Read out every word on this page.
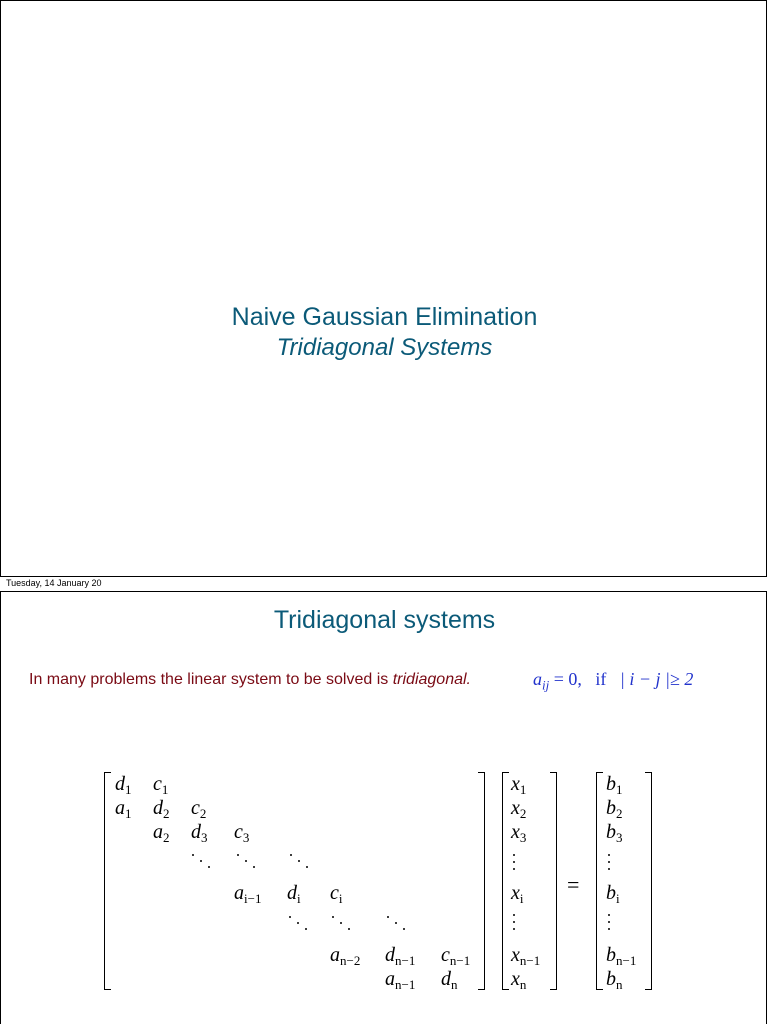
Naive Gaussian Elimination
Tridiagonal Systems
Tuesday, 14 January 20
Tridiagonal systems
In many problems the linear system to be solved is tridiagonal.	$a_{ij} = 0$, if | i − j |≥ 2
$d_1$ $c_1$
$a_1$ $d_2$ $c_2$
$a_2$ $d_3$ $c_3$
$a_{i-1}$ $d_i$ $c_i$
$a_{n-2}$ $d_{n-1}$ $c_{n-1}$
$a_{n-1}$ $d_n$
$x_1$
$x_2$
$x_3$
$x_i$
$x_{n-1}$
$x_n$
=
$b_1$
$b_2$
$b_3$
$b_i$
$b_{n-1}$
$b_n$
